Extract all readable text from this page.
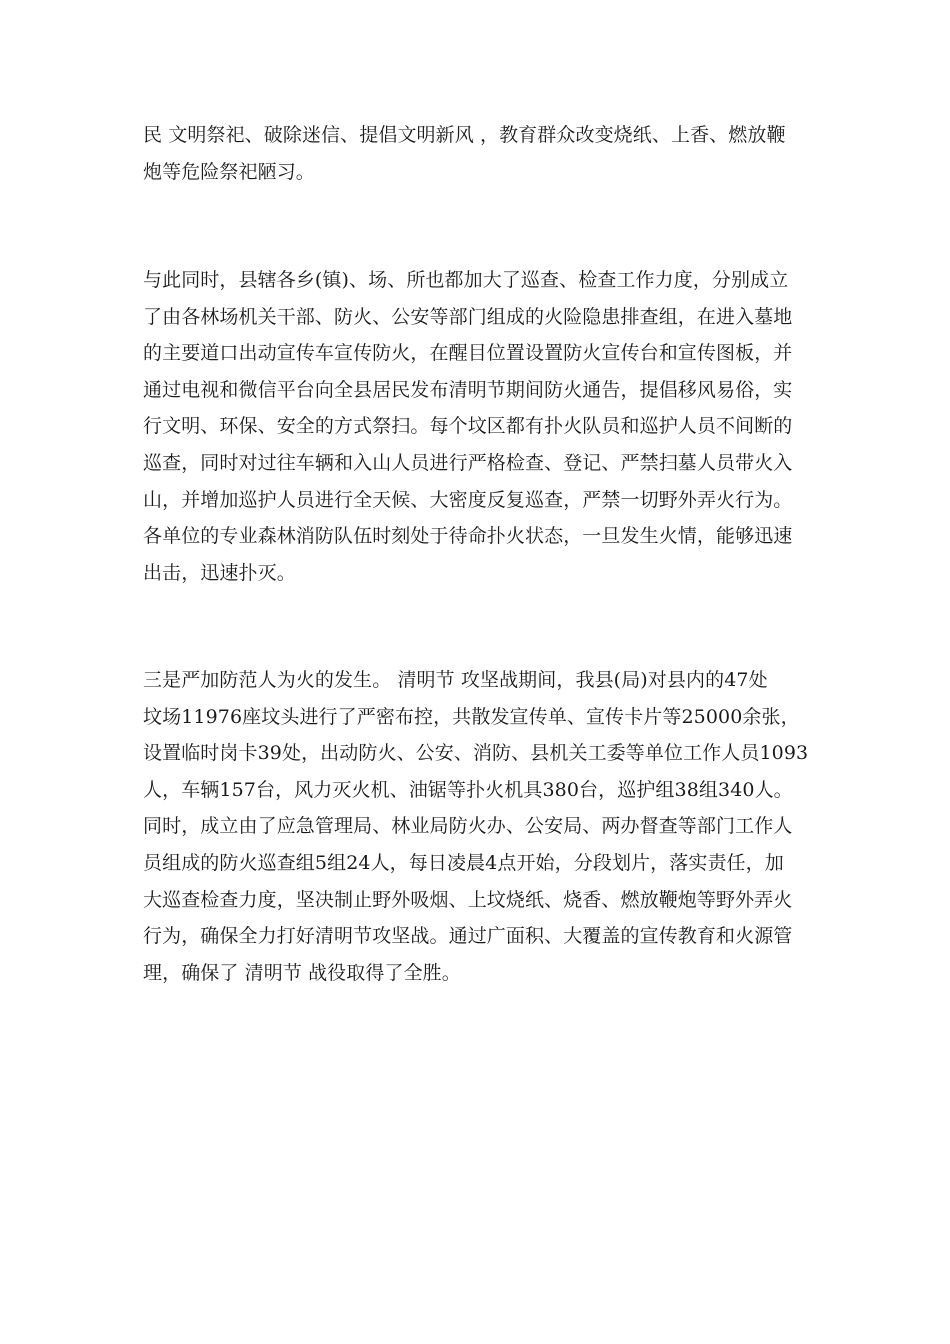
民 文明祭祀、破除迷信、提倡文明新风 ，教育群众改变烧纸、上香、燃放鞭
炮等危险祭祀陋习。
与此同时，县辖各乡(镇)、场、所也都加大了巡查、检查工作力度，分别成立
了由各林场机关干部、防火、公安等部门组成的火险隐患排查组，在进入墓地
的主要道口出动宣传车宣传防火，在醒目位置设置防火宣传台和宣传图板，并
通过电视和微信平台向全县居民发布清明节期间防火通告，提倡移风易俗，实
行文明、环保、安全的方式祭扫。每个坟区都有扑火队员和巡护人员不间断的
巡查，同时对过往车辆和入山人员进行严格检查、登记、严禁扫墓人员带火入
山，并增加巡护人员进行全天候、大密度反复巡查，严禁一切野外弄火行为。
各单位的专业森林消防队伍时刻处于待命扑火状态，一旦发生火情，能够迅速
出击，迅速扑灭。
三是严加防范人为火的发生。 清明节 攻坚战期间，我县(局)对县内的47处
坟场11976座坟头进行了严密布控，共散发宣传单、宣传卡片等25000余张，
设置临时岗卡39处，出动防火、公安、消防、县机关工委等单位工作人员1093
人，车辆157台，风力灭火机、油锯等扑火机具380台，巡护组38组340人。
同时，成立由了应急管理局、林业局防火办、公安局、两办督查等部门工作人
员组成的防火巡查组5组24人，每日凌晨4点开始，分段划片，落实责任，加
大巡查检查力度，坚决制止野外吸烟、上坟烧纸、烧香、燃放鞭炮等野外弄火
行为，确保全力打好清明节攻坚战。通过广面积、大覆盖的宣传教育和火源管
理，确保了 清明节 战役取得了全胜。
